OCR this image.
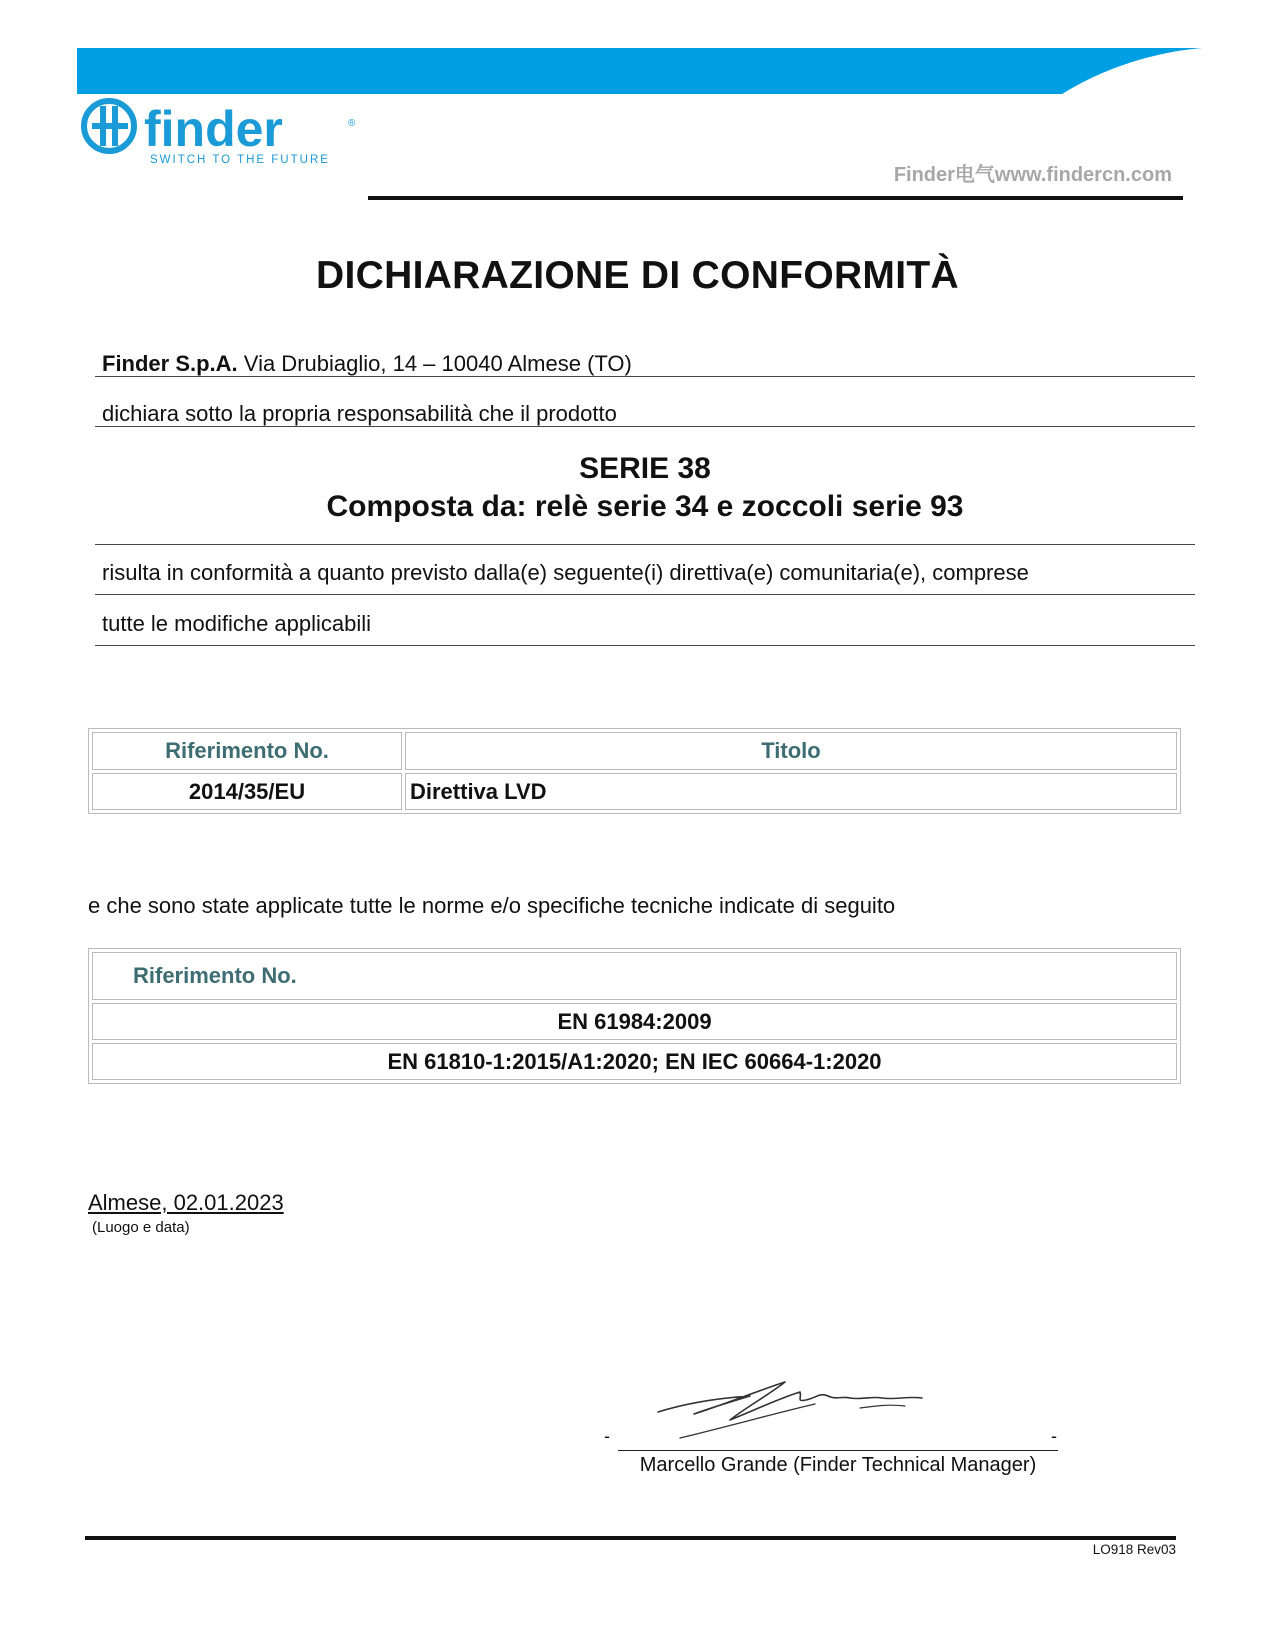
finder	®
SWITCH TO THE FUTURE
Finder电气www.findercn.com
DICHIARAZIONE DI CONFORMITÀ
Finder S.p.A. Via Drubiaglio, 14 – 10040 Almese (TO)
dichiara sotto la propria responsabilità che il prodotto
SERIE 38
Composta da: relè serie 34 e zoccoli serie 93
risulta in conformità a quanto previsto dalla(e) seguente(i) direttiva(e) comunitaria(e), comprese
tutte le modifiche applicabili
Riferimento No.	Titolo
2014/35/EU	Direttiva LVD
e che sono state applicate tutte le norme e/o specifiche tecniche indicate di seguito
Riferimento No.
EN 61984:2009
EN 61810-1:2015/A1:2020; EN IEC 60664-1:2020
Almese, 02.01.2023
(Luogo e data)
-	-
Marcello Grande (Finder Technical Manager)
LO918 Rev03
